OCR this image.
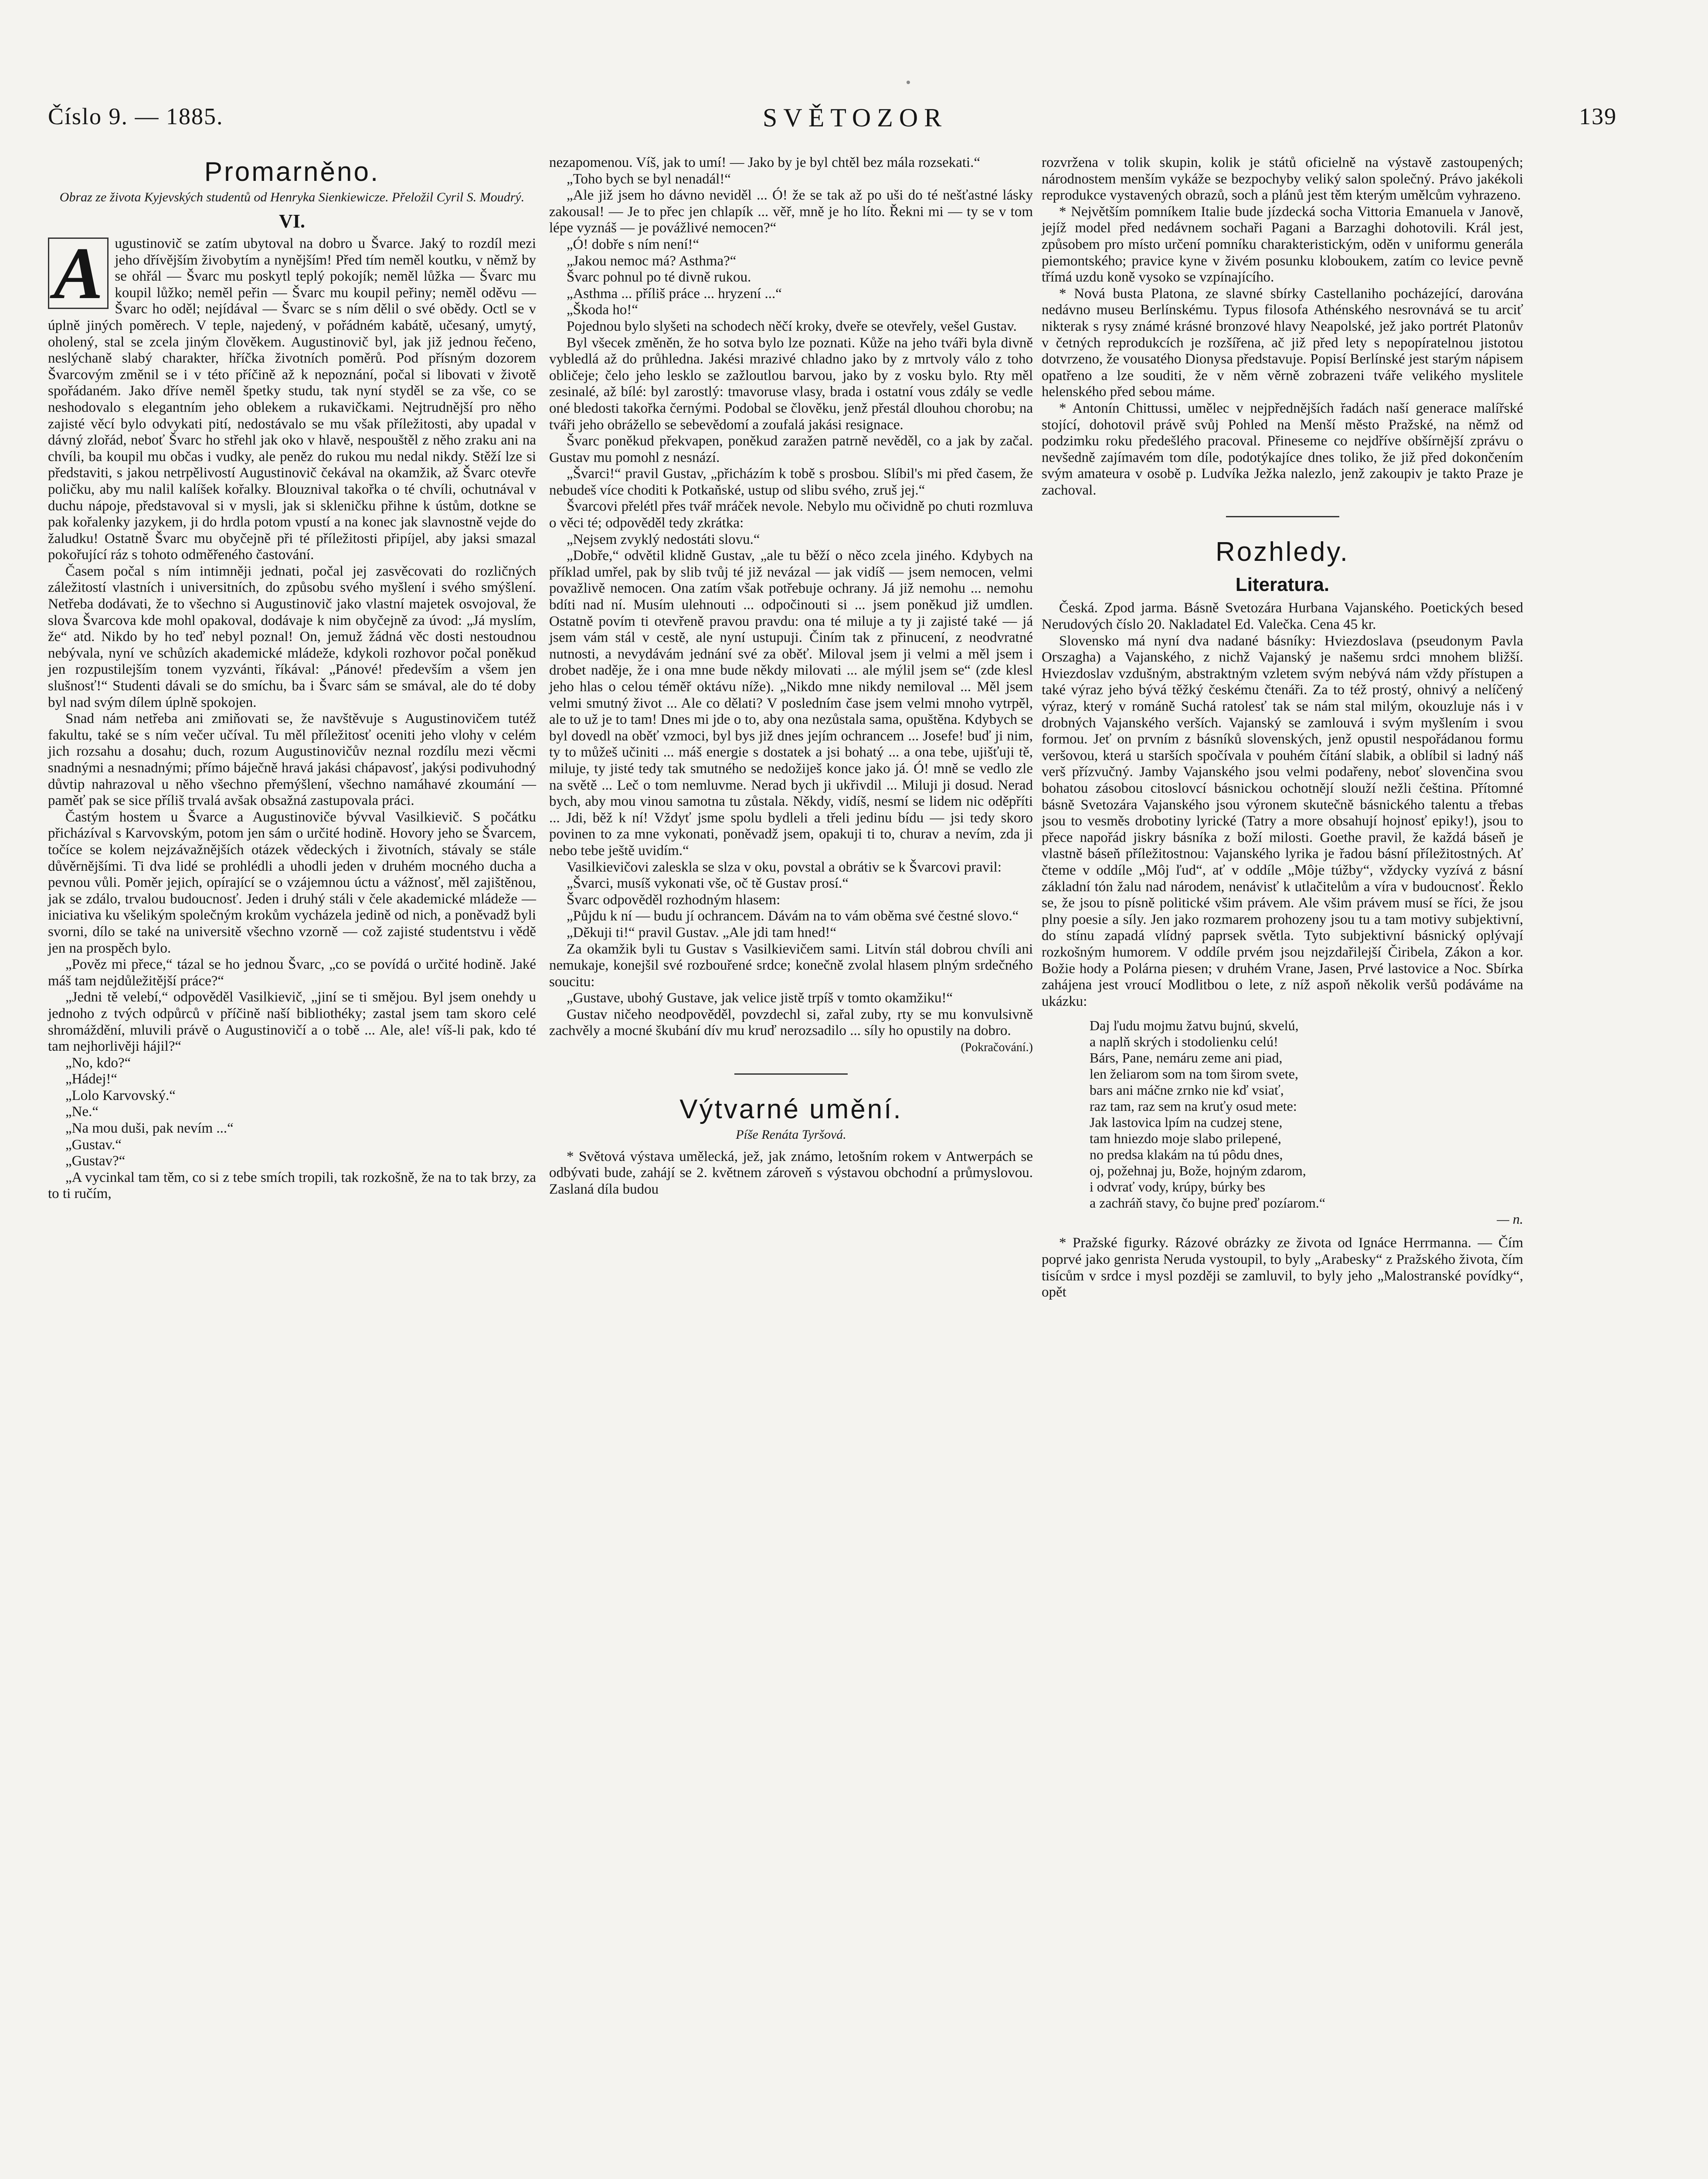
Číslo 9. — 1885.	SVĚTOZOR	139
Promarněno.
Obraz ze života Kyjevských studentů od Henryka Sienkiewicze. Přeložil Cyril S. Moudrý.
VI.

A ugustinovič se zatím ubytoval na dobro u Švarce. Jaký to rozdíl mezi jeho dřívějším živobytím a nynějším! Před tím neměl koutku, v němž by se ohřál — Švarc mu poskytl teplý pokojík; neměl lůžka — Švarc mu koupil lůžko; neměl peřin — Švarc mu koupil peřiny; neměl oděvu — Švarc ho oděl; nejídával — Švarc se s ním dělil o své obědy. Octl se v úplně jiných poměrech. V teple, najedený, v pořádném kabátě, učesaný, umytý, oholený, stal se zcela jiným člověkem. Augustinovič byl, jak již jednou řečeno, neslýchaně slabý charakter, hříčka životních poměrů. Pod přísným dozorem Švarcovým změnil se i v této příčině až k nepoznání, počal si libovati v životě spořádaném. Jako dříve neměl špetky studu, tak nyní styděl se za vše, co se neshodovalo s elegantním jeho oblekem a rukavičkami. Nejtrudnější pro něho zajisté věcí bylo odvykati pití, nedostávalo se mu však příležitosti, aby upadal v dávný zlořád, neboť Švarc ho střehl jak oko v hlavě, nespouštěl z něho zraku ani na chvíli, ba koupil mu občas i vudky, ale peněz do rukou mu nedal nikdy. Stěží lze si představiti, s jakou netrpělivostí Augustinovič čekával na okamžik, až Švarc otevře poličku, aby mu nalil kalíšek kořalky. Blouznival takořka o té chvíli, ochutnával v duchu nápoje, představoval si v mysli, jak si skleničku přihne k ústům, dotkne se pak kořalenky jazykem, ji do hrdla potom vpustí a na konec jak slavnostně vejde do žaludku! Ostatně Švarc mu obyčejně při té příležitosti připíjel, aby jaksi smazal pokořující ráz s tohoto odměřeného častování.

Časem počal s ním intimněji jednati, počal jej zasvěcovati do rozličných záležitostí vlastních i universitních, do způsobu svého myšlení i svého smýšlení. Netřeba dodávati, že to všechno si Augustinovič jako vlastní majetek osvojoval, že slova Švarcova kde mohl opakoval, dodávaje k nim obyčejně za úvod: „Já myslím, že“ atd. Nikdo by ho teď nebyl poznal! On, jemuž žádná věc dosti nestoudnou nebývala, nyní ve schůzích akademické mládeže, kdykoli rozhovor počal poněkud jen rozpustilejším tonem vyzvánti, říkával: „Pánové! především a všem jen slušnosť!“ Studenti dávali se do smíchu, ba i Švarc sám se smával, ale do té doby byl nad svým dílem úplně spokojen.

Snad nám netřeba ani zmiňovati se, že navštěvuje s Augustinovičem tutéž fakultu, také se s ním večer učíval. Tu měl příležitosť oceniti jeho vlohy v celém jich rozsahu a dosahu; duch, rozum Augustinovičův neznal rozdílu mezi věcmi snadnými a nesnadnými; přímo báječně hravá jakási chápavosť, jakýsi podivuhodný důvtip nahrazoval u něho všechno přemýšlení, všechno namáhavé zkoumání — paměť pak se sice příliš trvalá avšak obsažná zastupovala práci.

Častým hostem u Švarce a Augustinoviče bývval Vasilkievič. S počátku přicházíval s Karvovským, potom jen sám o určité hodině. Hovory jeho se Švarcem, točíce se kolem nejzávažnějších otázek vědeckých i životních, stávaly se stále důvěrnějšími. Ti dva lidé se prohlédli a uhodli jeden v druhém mocného ducha a pevnou vůli. Poměr jejich, opírající se o vzájemnou úctu a vážnosť, měl zajištěnou, jak se zdálo, trvalou budoucnosť. Jeden i druhý stáli v čele akademické mládeže — iniciativa ku všelikým společným krokům vycházela jedině od nich, a poněvadž byli svorni, dílo se také na universitě všechno vzorně — což zajisté studentstvu i vědě jen na prospěch bylo.

„Pověz mi přece,“ tázal se ho jednou Švarc, „co se povídá o určité hodině. Jaké máš tam nejdůležitější práce?“

„Jedni tě velebí,“ odpověděl Vasilkievič, „jiní se ti smějou. Byl jsem onehdy u jednoho z tvých odpůrců v příčině naší bibliothéky; zastal jsem tam skoro celé shromáždění, mluvili právě o Augustinovičí a o tobě ... Ale, ale! víš-li pak, kdo té tam nejhorlivěji hájil?“

„No, kdo?“

„Hádej!“

„Lolo Karvovský.“

„Ne.“

„Na mou duši, pak nevím ...“

„Gustav.“

„Gustav?“

„A vycinkal tam těm, co si z tebe smích tropili, tak rozkošně, že na to tak brzy, za to ti ručím,

nezapomenou. Víš, jak to umí! — Jako by je byl chtěl bez mála rozsekati.“

„Toho bych se byl nenadál!“

„Ale již jsem ho dávno neviděl ... Ó! že se tak až po uši do té nešťastné lásky zakousal! — Je to přec jen chlapík ... věř, mně je ho líto. Řekni mi — ty se v tom lépe vyznáš — je povážlivé nemocen?“

„Ó! dobře s ním není!“

„Jakou nemoc má? Asthma?“

Švarc pohnul po té divně rukou.

„Asthma ... příliš práce ... hryzení ...“

„Škoda ho!“

Pojednou bylo slyšeti na schodech něčí kroky, dveře se otevřely, vešel Gustav.

Byl všecek změněn, že ho sotva bylo lze poznati. Kůže na jeho tváři byla divně vybledlá až do průhledna. Jakési mrazivé chladno jako by z mrtvoly válo z toho obličeje; čelo jeho lesklo se zažloutlou barvou, jako by z vosku bylo. Rty měl zesinalé, až bílé: byl zarostlý: tmavoruse vlasy, brada i ostatní vous zdály se vedle oné bledosti takořka černými. Podobal se člověku, jenž přestál dlouhou chorobu; na tváři jeho obrážello se sebevědomí a zoufalá jakási resignace.

Švarc poněkud překvapen, poněkud zaražen patrně nevěděl, co a jak by začal. Gustav mu pomohl z nesnází.

„Švarci!“ pravil Gustav, „přicházím k tobě s prosbou. Slíbil's mi před časem, že nebudeš více choditi k Potkaňské, ustup od slibu svého, zruš jej.“

Švarcovi přelétl přes tvář mráček nevole. Nebylo mu očividně po chuti rozmluva o věci té; odpověděl tedy zkrátka:

„Nejsem zvyklý nedostáti slovu.“

„Dobře,“ odvětil klidně Gustav, „ale tu běží o něco zcela jiného. Kdybych na příklad umřel, pak by slib tvůj té již nevázal — jak vidíš — jsem nemocen, velmi považlivě nemocen. Ona zatím však potřebuje ochrany. Já již nemohu ... nemohu bdíti nad ní. Musím ulehnouti ... odpočinouti si ... jsem poněkud již umdlen. Ostatně povím ti otevřeně pravou pravdu: ona té miluje a ty ji zajisté také — já jsem vám stál v cestě, ale nyní ustupuji. Činím tak z přinucení, z neodvratné nutnosti, a nevydávám jednání své za oběť. Miloval jsem ji velmi a měl jsem i drobet naděje, že i ona mne bude někdy milovati ... ale mýlil jsem se“ (zde klesl jeho hlas o celou téměř oktávu níže). „Nikdo mne nikdy nemiloval ... Měl jsem velmi smutný život ... Ale co dělati? V posledním čase jsem velmi mnoho vytrpěl, ale to už je to tam! Dnes mi jde o to, aby ona nezůstala sama, opuštěna. Kdybych se byl dovedl na oběť vzmoci, byl bys již dnes jejím ochrancem ... Josefe! buď ji nim, ty to můžeš učiniti ... máš energie s dostatek a jsi bohatý ... a ona tebe, ujišťuji tě, miluje, ty jisté tedy tak smutného se nedožiješ konce jako já. Ó! mně se vedlo zle na světě ... Leč o tom nemluvme. Nerad bych ji ukřivdil ... Miluji ji dosud. Nerad bych, aby mou vinou samotna tu zůstala. Někdy, vidíš, nesmí se lidem nic oděpříti ... Jdi, běž k ní! Vždyť jsme spolu bydleli a třeli jedinu bídu — jsi tedy skoro povinen to za mne vykonati, poněvadž jsem, opakuji ti to, churav a nevím, zda ji nebo tebe ještě uvidím.“

Vasilkievičovi zaleskla se slza v oku, povstal a obrátiv se k Švarcovi pravil:

„Švarci, musíš vykonati vše, oč tě Gustav prosí.“

Švarc odpověděl rozhodným hlasem:

„Půjdu k ní — budu jí ochrancem. Dávám na to vám oběma své čestné slovo.“

„Děkuji ti!“ pravil Gustav. „Ale jdi tam hned!“

Za okamžik byli tu Gustav s Vasilkievičem sami. Litvín stál dobrou chvíli ani nemukaje, konejšil své rozbouřené srdce; konečně zvolal hlasem plným srdečného soucitu:

„Gustave, ubohý Gustave, jak velice jistě trpíš v tomto okamžiku!“

Gustav ničeho neodpověděl, povzdechl si, zařal zuby, rty se mu konvulsivně zachvěly a mocné škubání dív mu kruď nerozsadilo ... síly ho opustily na dobro.

(Pokračování.)
Výtvarné umění.
Píše Renáta Tyršová.

* Světová výstava umělecká, jež, jak známo, letošním rokem v Antwerpách se odbývati bude, zahájí se 2. květnem zároveň s výstavou obchodní a průmyslovou. Zaslaná díla budou

rozvržena v tolik skupin, kolik je států oficielně na výstavě zastoupených; národnostem menším vykáže se bezpochyby veliký salon společný. Právo jakékoli reprodukce vystavených obrazů, soch a plánů jest těm kterým umělcům vyhrazeno.

* Největším pomníkem Italie bude jízdecká socha Vittoria Emanuela v Janově, jejíž model před nedávnem sochaři Pagani a Barzaghi dohotovili. Král jest, způsobem pro místo určení pomníku charakteristickým, oděn v uniformu generála piemontského; pravice kyne v živém posunku kloboukem, zatím co levice pevně třímá uzdu koně vysoko se vzpínajícího.

* Nová busta Platona, ze slavné sbírky Castellaniho pocházející, darována nedávno museu Berlínskému. Typus filosofa Athénského nesrovnává se tu arciť nikterak s rysy známé krásné bronzové hlavy Neapolské, jež jako portrét Platonův v četných reprodukcích je rozšířena, ač již před lety s nepopíratelnou jistotou dotvrzeno, že vousatého Dionysa představuje. Popisí Berlínské jest starým nápisem opatřeno a lze souditi, že v něm věrně zobrazeni tváře velikého myslitele helenského před sebou máme.

* Antonín Chittussi, umělec v nejpřednějších řadách naší generace malířské stojící, dohotovil právě svůj Pohled na Menší město Pražské, na němž od podzimku roku předešlého pracoval. Přineseme co nejdříve obšírnější zprávu o nevšedně zajímavém tom díle, podotýkajíce dnes toliko, že již před dokončením svým amateura v osobě p. Ludvíka Ježka nalezlo, jenž zakoupiv je takto Praze je zachoval.

Rozhledy.
Literatura.

Česká. Zpod jarma. Básně Svetozára Hurbana Vajanského. Poetických besed Nerudových číslo 20. Nakladatel Ed. Valečka. Cena 45 kr.

Slovensko má nyní dva nadané básníky: Hviezdoslava (pseudonym Pavla Orszagha) a Vajanského, z nichž Vajanský je našemu srdci mnohem bližší. Hviezdoslav vzdušným, abstraktným vzletem svým nebývá nám vždy přístupen a také výraz jeho bývá těžký českému čtenáři. Za to též prostý, ohnivý a nelíčený výraz, který v románě Suchá ratolesť tak se nám stal milým, okouzluje nás i v drobných Vajanského verších. Vajanský se zamlouvá i svým myšlením i svou formou. Jeť on prvním z básníků slovenských, jenž opustil nespořádanou formu veršovou, která u starších spočívala v pouhém čítání slabik, a oblíbil si ladný náš verš přízvučný. Jamby Vajanského jsou velmi podařeny, neboť slovenčina svou bohatou zásobou citoslovcí básnickou ochotnějí slouží nežli čeština. Přítomné básně Svetozára Vajanského jsou výronem skutečně básnického talentu a třebas jsou to vesměs drobotiny lyrické (Tatry a more obsahují hojnosť epiky!), jsou to přece napořád jiskry básníka z boží milosti. Goethe pravil, že každá báseň je vlastně báseň příležitostnou: Vajanského lyrika je řadou básní příležitostných. Ať čteme v oddíle „Môj ľud“, ať v oddíle „Môje túžby“, vždycky vyzívá z básní základní tón žalu nad národem, nenávisť k utlačitelům a víra v budoucnosť. Řeklo se, že jsou to písně politické všim právem. Ale všim právem musí se říci, že jsou plny poesie a síly. Jen jako rozmarem prohozeny jsou tu a tam motivy subjektivní, do stínu zapadá vlídný paprsek světla. Tyto subjektivní básnický oplývají rozkošným humorem. V oddíle prvém jsou nejzdařilejší Čiribela, Zákon a kor. Božie hody a Polárna piesen; v druhém Vrane, Jasen, Prvé lastovice a Noc. Sbírka zahájena jest vroucí Modlitbou o lete, z níž aspoň několik veršů podáváme na ukázku:

Daj ľudu mojmu žatvu bujnú, skvelú,
a naplň skrých i stodolienku celú!
Bárs, Pane, nemáru zeme ani piad,
len želiarom som na tom širom svete,
bars ani máčne zrnko nie kď vsiať,
raz tam, raz sem na kruťy osud mete:
Jak lastovica lpím na cudzej stene,
tam hniezdo moje slabo prilepené,
no predsa klakám na tú pôdu dnes,
oj, požehnaj ju, Bože, hojným zdarom,
i odvrať vody, krúpy, búrky bes
a zachráň stavy, čo bujne preď pozíarom.“
— n.

* Pražské figurky. Rázové obrázky ze života od Ignáce Herrmanna. — Čím poprvé jako genrista Neruda vystoupil, to byly „Arabesky“ z Pražského života, čím tisícům v srdce i mysl později se zamluvil, to byly jeho „Malostranské povídky“, opět
